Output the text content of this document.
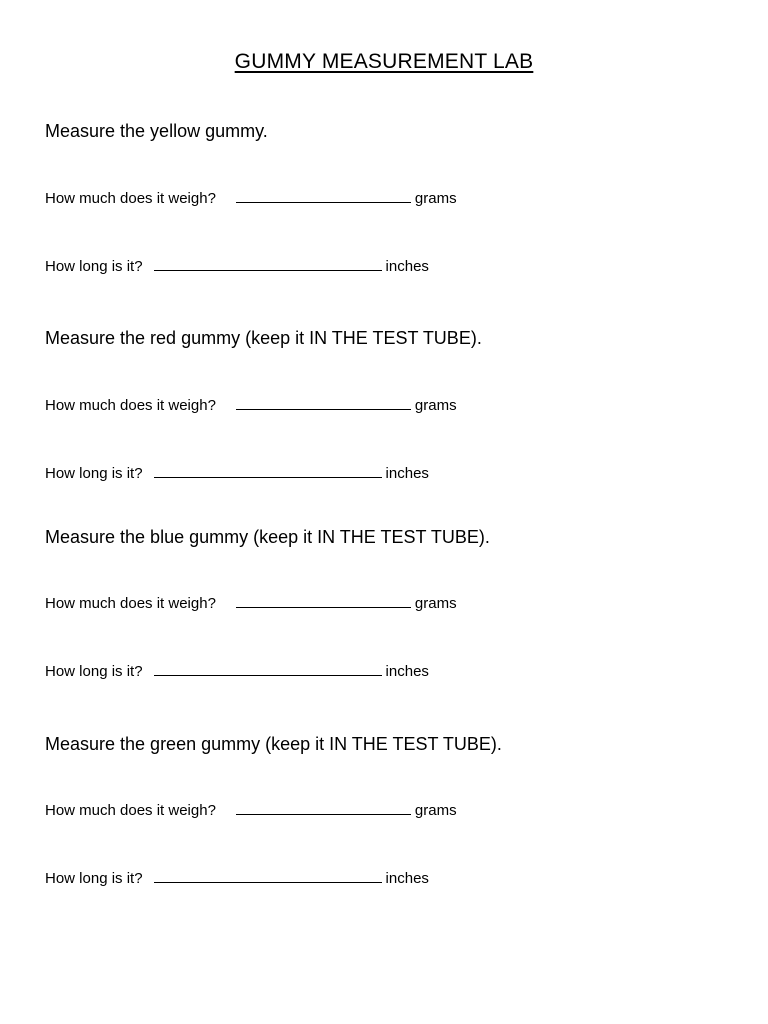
GUMMY MEASUREMENT LAB
Measure the yellow gummy.
How much does it weigh?	grams
How long is it?	inches
Measure the red gummy (keep it IN THE TEST TUBE).
How much does it weigh?	grams
How long is it?	inches
Measure the blue gummy (keep it IN THE TEST TUBE).
How much does it weigh?	grams
How long is it?	inches
Measure the green gummy (keep it IN THE TEST TUBE).
How much does it weigh?	grams
How long is it?	inches
